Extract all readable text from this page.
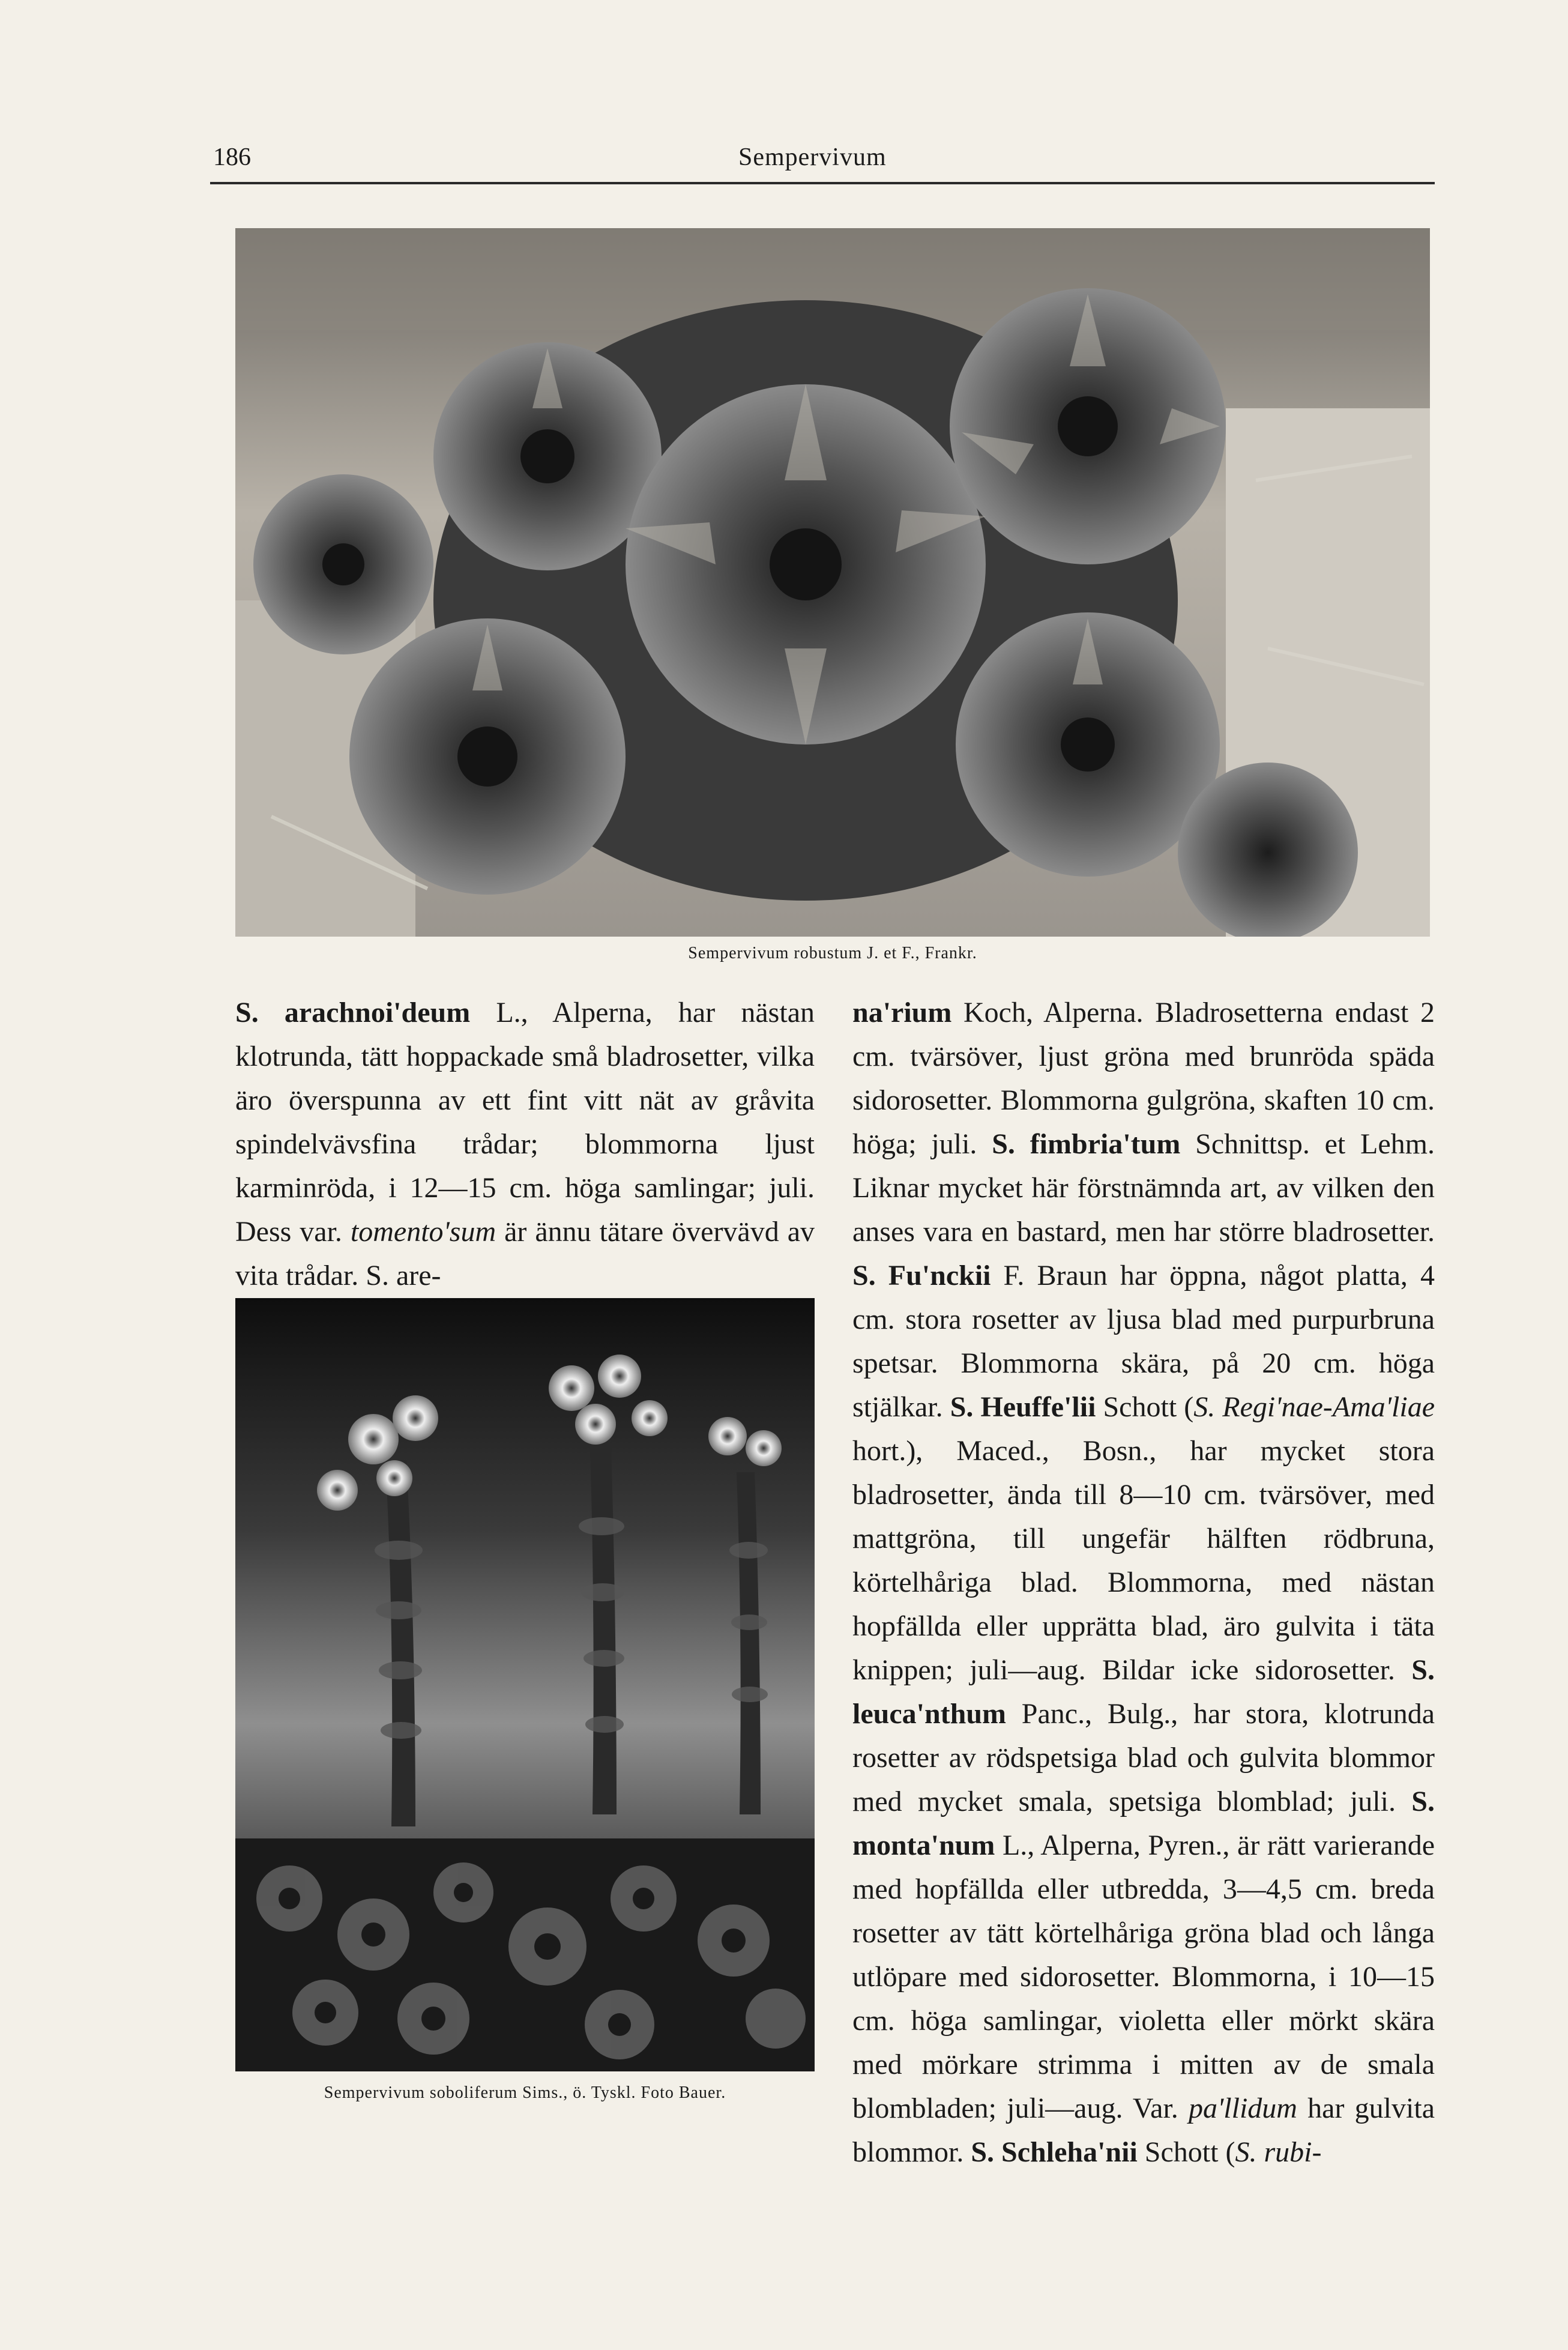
186	Sempervivum
Sempervivum robustum J. et F., Frankr.

S. arachnoi'deum L., Alperna, har nästan klotrunda, tätt hoppackade små bladrosetter, vilka äro överspunna av ett fint vitt nät av gråvita spindelvävsfina trådar; blommorna ljust karminröda, i 12—15 cm. höga samlingar; juli. Dess var. tomento'sum är ännu tätare övervävd av vita trådar. S. are-

Sempervivum soboliferum Sims., ö. Tyskl. Foto Bauer.

na'rium Koch, Alperna. Bladrosetterna endast 2 cm. tvärsöver, ljust gröna med brunröda späda sidorosetter. Blommorna gulgröna, skaften 10 cm. höga; juli. S. fimbria'tum Schnittsp. et Lehm. Liknar mycket här förstnämnda art, av vilken den anses vara en bastard, men har större bladrosetter. S. Fu'nckii F. Braun har öppna, något platta, 4 cm. stora rosetter av ljusa blad med purpurbruna spetsar. Blommorna skära, på 20 cm. höga stjälkar. S. Heuffe'lii Schott (S. Regi'nae-Ama'liae hort.), Maced., Bosn., har mycket stora bladrosetter, ända till 8—10 cm. tvärsöver, med mattgröna, till ungefär hälften rödbruna, körtelhåriga blad. Blommorna, med nästan hopfällda eller upprätta blad, äro gulvita i täta knippen; juli—aug. Bildar icke sidorosetter. S. leuca'nthum Panc., Bulg., har stora, klotrunda rosetter av rödspetsiga blad och gulvita blommor med mycket smala, spetsiga blomblad; juli. S. monta'num L., Alperna, Pyren., är rätt varierande med hopfällda eller utbredda, 3—4,5 cm. breda rosetter av tätt körtelhåriga gröna blad och långa utlöpare med sidorosetter. Blommorna, i 10—15 cm. höga samlingar, violetta eller mörkt skära med mörkare strimma i mitten av de smala blombladen; juli—aug. Var. pa'llidum har gulvita blommor. S. Schleha'nii Schott (S. rubi-
